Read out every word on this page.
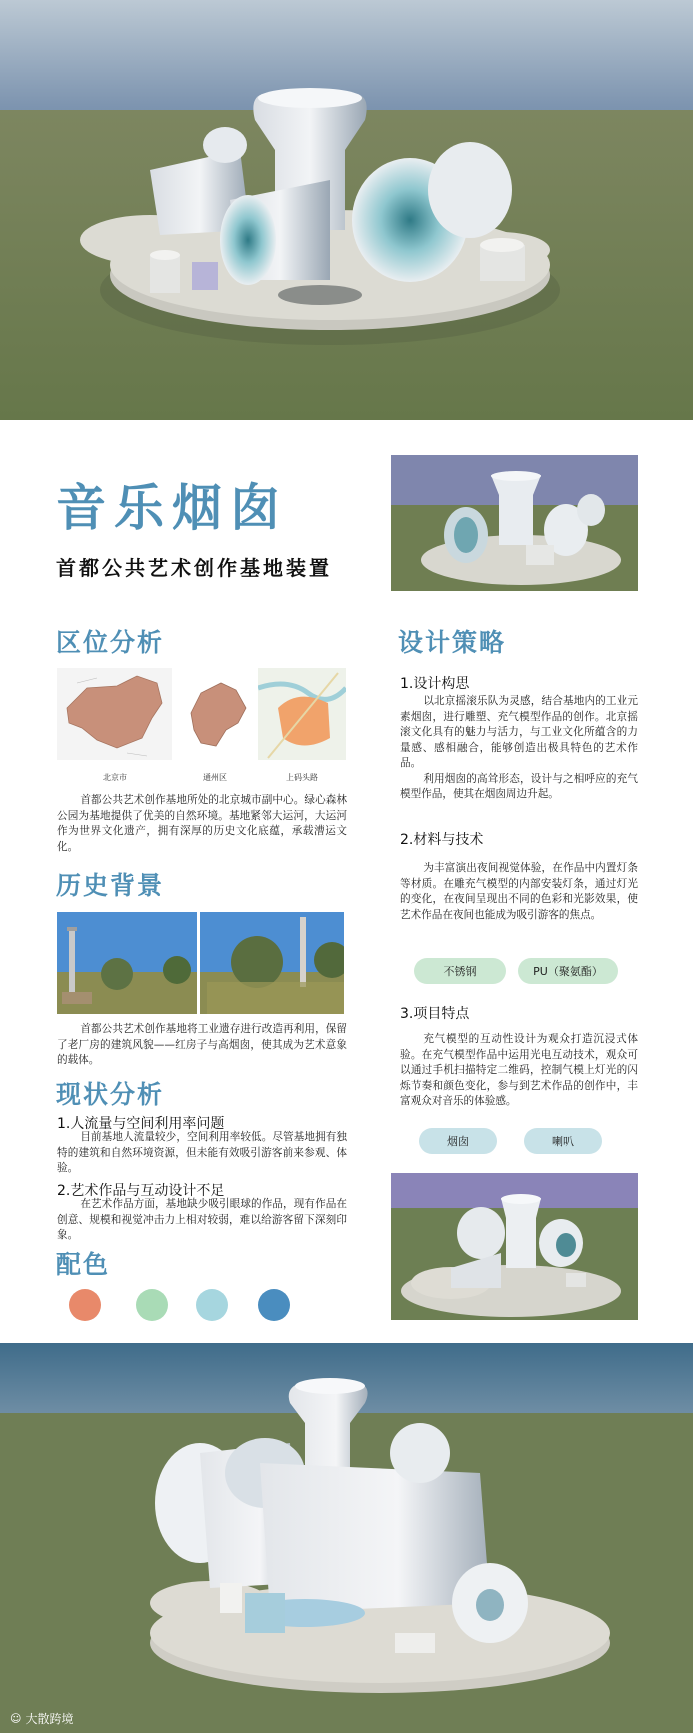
音乐烟囱
首都公共艺术创作基地装置
区位分析
北京市	通州区	上码头路

首都公共艺术创作基地所处的北京城市副中心。绿心森林公园为基地提供了优美的自然环境。基地紧邻大运河，大运河作为世界文化遗产，拥有深厚的历史文化底蕴，承载漕运文化。

历史背景

首都公共艺术创作基地将工业遗存进行改造再利用，保留了老厂房的建筑风貌——红房子与高烟囱，使其成为艺术意象的载体。

现状分析
1.人流量与空间利用率问题

目前基地人流量较少，空间利用率较低。尽管基地拥有独特的建筑和自然环境资源，但未能有效吸引游客前来参观、体验。

2.艺术作品与互动设计不足

在艺术作品方面，基地缺少吸引眼球的作品，现有作品在创意、规模和视觉冲击力上相对较弱，难以给游客留下深刻印象。

配色
设计策略
1.设计构思

以北京摇滚乐队为灵感，结合基地内的工业元素烟囱，进行雕塑、充气模型作品的创作。北京摇滚文化具有的魅力与活力，与工业文化所蕴含的力量感、感相融合，能够创造出极具特色的艺术作品。

利用烟囱的高耸形态，设计与之相呼应的充气模型作品，使其在烟囱周边升起。

2.材料与技术

为丰富演出夜间视觉体验，在作品中内置灯条等材质。在雕充气模型的内部安装灯条，通过灯光的变化，在夜间呈现出不同的色彩和光影效果，使艺术作品在夜间也能成为吸引游客的焦点。

不锈钢	PU（聚氨酯）
3.项目特点

充气模型的互动性设计为观众打造沉浸式体验。在充气模型作品中运用光电互动技术，观众可以通过手机扫描特定二维码，控制气模上灯光的闪烁节奏和颜色变化，参与到艺术作品的创作中，丰富观众对音乐的体验感。

烟囱	喇叭
☺ 大散跨境
